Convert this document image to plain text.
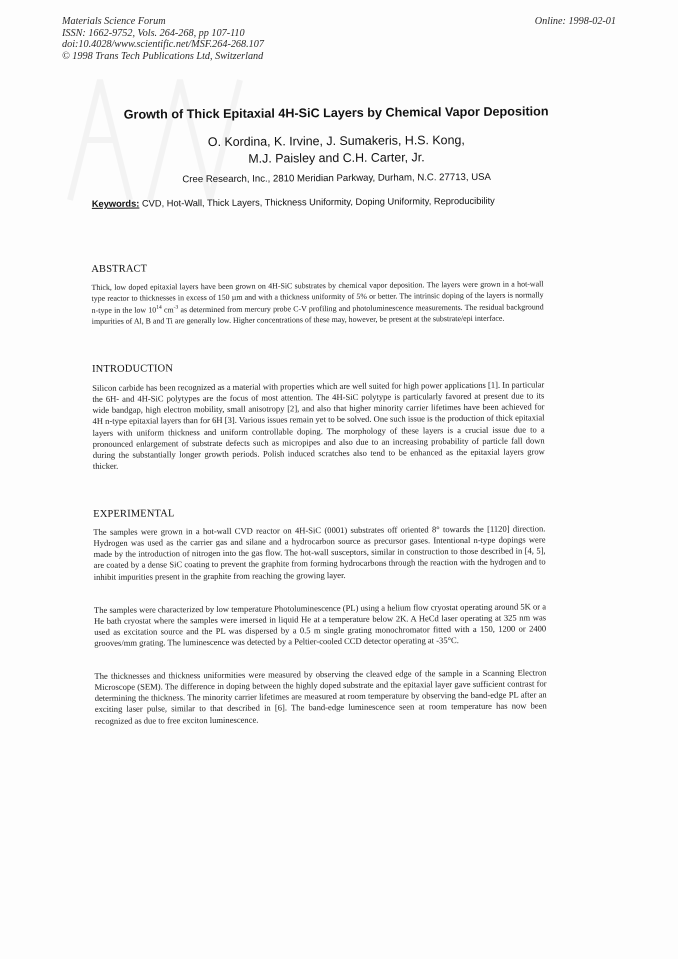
Materials Science Forum
ISSN: 1662-9752, Vols. 264-268, pp 107-110
doi:10.4028/www.scientific.net/MSF.264-268.107
© 1998 Trans Tech Publications Ltd, Switzerland
Online: 1998-02-01
Growth of Thick Epitaxial 4H-SiC Layers by Chemical Vapor Deposition
O. Kordina, K. Irvine, J. Sumakeris, H.S. Kong,
M.J. Paisley and C.H. Carter, Jr.
Cree Research, Inc., 2810 Meridian Parkway, Durham, N.C. 27713, USA
Keywords: CVD, Hot-Wall, Thick Layers, Thickness Uniformity, Doping Uniformity, Reproducibility
ABSTRACT

Thick, low doped epitaxial layers have been grown on 4H-SiC substrates by chemical vapor deposition. The layers were grown in a hot-wall type reactor to thicknesses in excess of 150 µm and with a thickness uniformity of 5% or better. The intrinsic doping of the layers is normally n-type in the low $10^{14}$ $cm^{-3}$ as determined from mercury probe C-V profiling and photoluminescence measurements. The residual background impurities of Al, B and Ti are generally low. Higher concentrations of these may, however, be present at the substrate/epi interface.

INTRODUCTION

Silicon carbide has been recognized as a material with properties which are well suited for high power applications [1]. In particular the 6H- and 4H-SiC polytypes are the focus of most attention. The 4H-SiC polytype is particularly favored at present due to its wide bandgap, high electron mobility, small anisotropy [2], and also that higher minority carrier lifetimes have been achieved for 4H n-type epitaxial layers than for 6H [3]. Various issues remain yet to be solved. One such issue is the production of thick epitaxial layers with uniform thickness and uniform controllable doping. The morphology of these layers is a crucial issue due to a pronounced enlargement of substrate defects such as micropipes and also due to an increasing probability of particle fall down during the substantially longer growth periods. Polish induced scratches also tend to be enhanced as the epitaxial layers grow thicker.

EXPERIMENTAL

The samples were grown in a hot-wall CVD reactor on 4H-SiC (0001) substrates off oriented 8° towards the [1120] direction. Hydrogen was used as the carrier gas and silane and a hydrocarbon source as precursor gases. Intentional n-type dopings were made by the introduction of nitrogen into the gas flow. The hot-wall susceptors, similar in construction to those described in [4, 5], are coated by a dense SiC coating to prevent the graphite from forming hydrocarbons through the reaction with the hydrogen and to inhibit impurities present in the graphite from reaching the growing layer.

The samples were characterized by low temperature Photoluminescence (PL) using a helium flow cryostat operating around 5K or a He bath cryostat where the samples were imersed in liquid He at a temperature below 2K. A HeCd laser operating at 325 nm was used as excitation source and the PL was dispersed by a 0.5 m single grating monochromator fitted with a 150, 1200 or 2400 grooves/mm grating. The luminescence was detected by a Peltier-cooled CCD detector operating at -35°C.

The thicknesses and thickness uniformities were measured by observing the cleaved edge of the sample in a Scanning Electron Microscope (SEM). The difference in doping between the highly doped substrate and the epitaxial layer gave sufficient contrast for determining the thickness. The minority carrier lifetimes are measured at room temperature by observing the band-edge PL after an exciting laser pulse, similar to that described in [6]. The band-edge luminescence seen at room temperature has now been recognized as due to free exciton luminescence.
